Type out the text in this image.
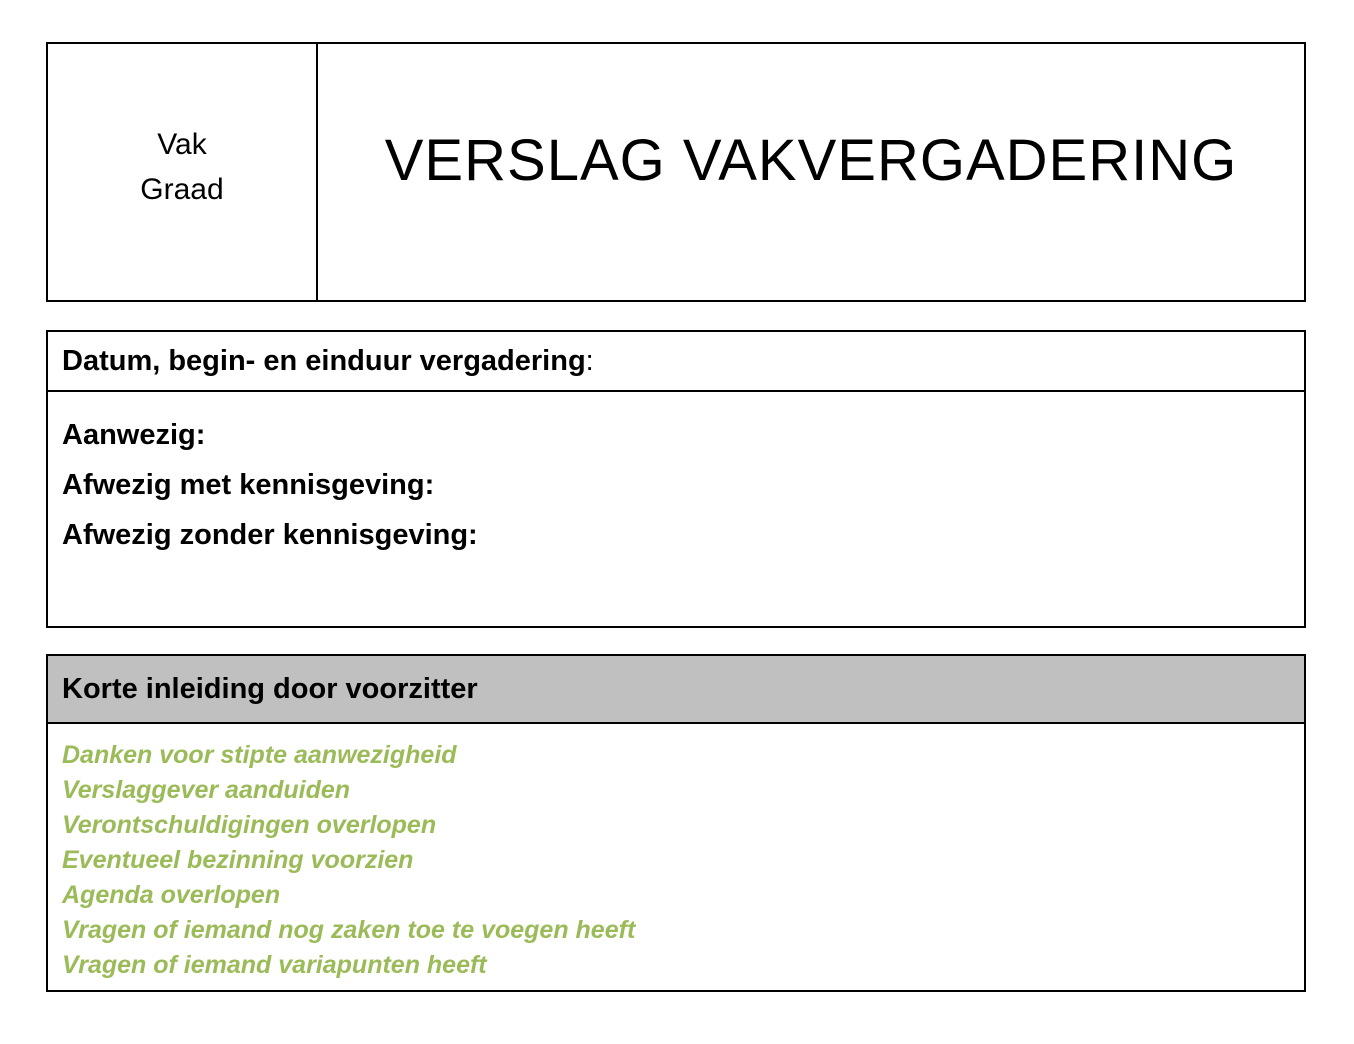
Vak
Graad	VERSLAG VAKVERGADERING
Datum, begin- en einduur vergadering :
Aanwezig:
Afwezig met kennisgeving:
Afwezig zonder kennisgeving:
Korte inleiding door voorzitter
Danken voor stipte aanwezigheid
Verslaggever aanduiden
Verontschuldigingen overlopen
Eventueel bezinning voorzien
Agenda overlopen
Vragen of iemand nog zaken toe te voegen heeft
Vragen of iemand variapunten heeft
